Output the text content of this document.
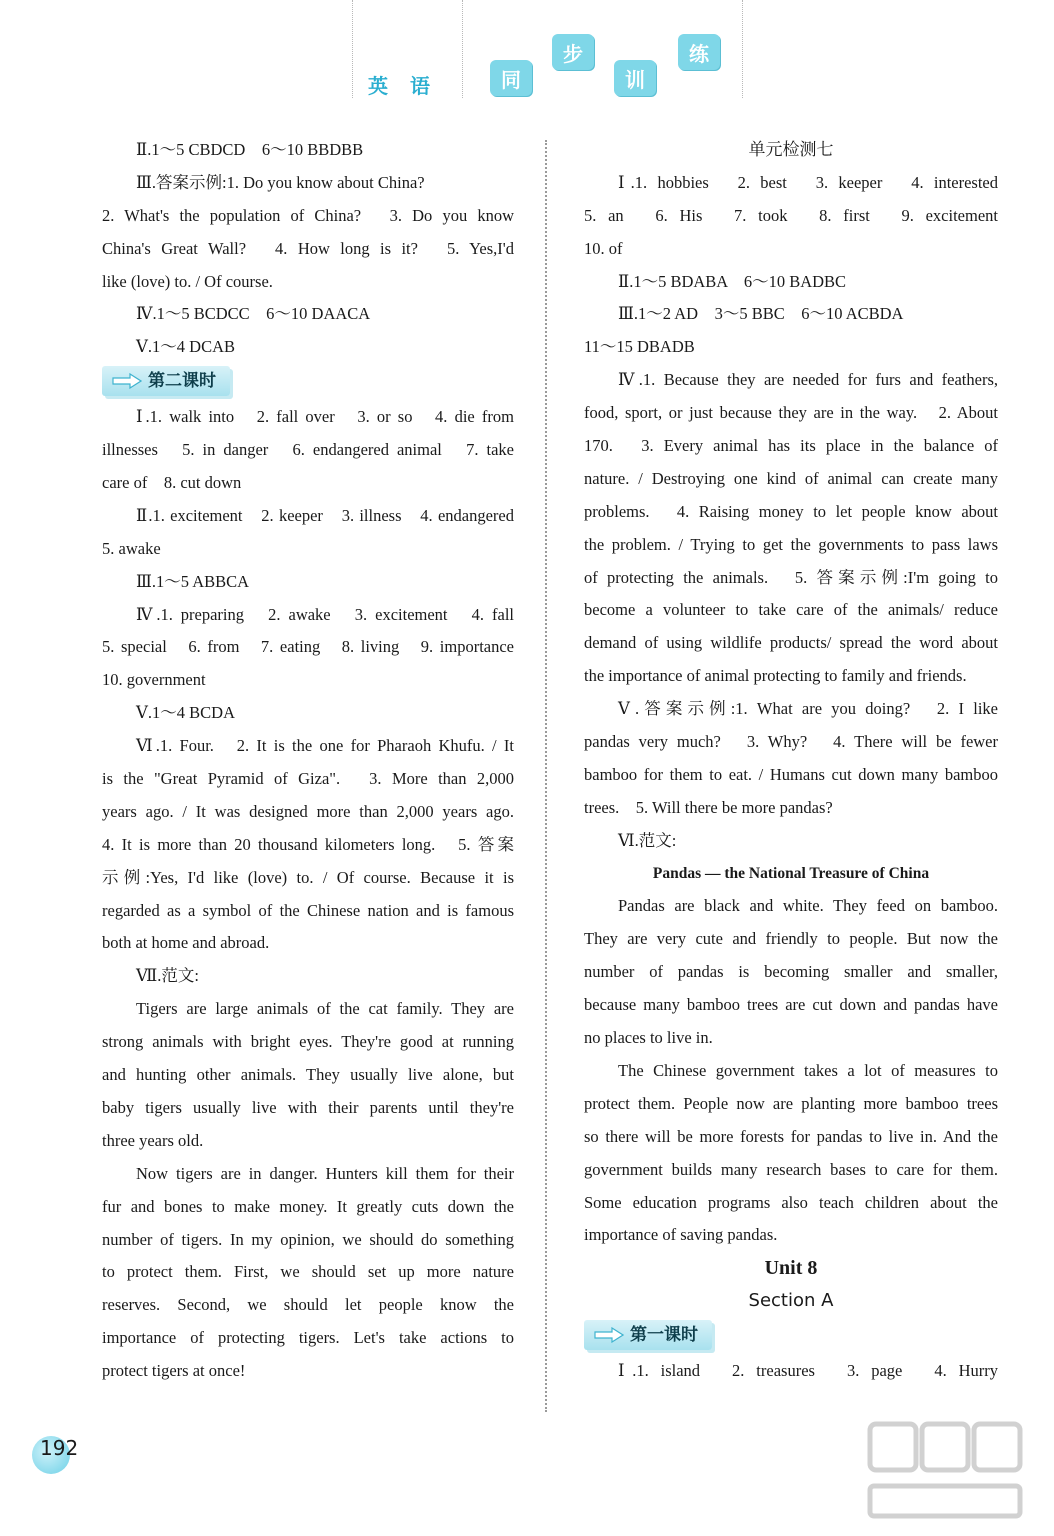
英语	同
步
训
练
Ⅱ.1～5 CBDCD　6～10 BBDBB
Ⅲ.答案示例:1. Do you know about China?
2. What's the population of China?　3. Do you know
China's Great Wall?　4. How long is it?　5. Yes,I'd
like (love) to. / Of course.
Ⅳ.1～5 BCDCC　6～10 DAACA
Ⅴ.1～4 DCAB
第二课时
Ⅰ.1. walk into　2. fall over　3. or so　4. die from
illnesses　5. in danger　6. endangered animal　7. take
care of　8. cut down
Ⅱ.1. excitement　2. keeper　3. illness　4. endangered
5. awake
Ⅲ.1～5 ABBCA
Ⅳ.1. preparing　2. awake　3. excitement　4. fall
5. special　6. from　7. eating　8. living　9. importance
10. government
Ⅴ.1～4 BCDA
Ⅵ.1. Four.　2. It is the one for Pharaoh Khufu. / It
is the "Great Pyramid of Giza".　3. More than 2,000
years ago. / It was designed more than 2,000 years ago.
4. It is more than 20 thousand kilometers long.　5. 答案
示例:Yes, I'd like (love) to. / Of course. Because it is
regarded as a symbol of the Chinese nation and is famous
both at home and abroad.
Ⅶ.范文:
Tigers are large animals of the cat family. They are
strong animals with bright eyes. They're good at running
and hunting other animals. They usually live alone, but
baby tigers usually live with their parents until they're
three years old.
Now tigers are in danger. Hunters kill them for their
fur and bones to make money. It greatly cuts down the
number of tigers. In my opinion, we should do something
to protect them. First, we should set up more nature
reserves. Second, we should let people know the
importance of protecting tigers. Let's take actions to
protect tigers at once!
单元检测七
Ⅰ.1. hobbies　2. best　3. keeper　4. interested
5. an　6. His　7. took　8. first　9. excitement
10. of
Ⅱ.1～5 BDABA　6～10 BADBC
Ⅲ.1～2 AD　3～5 BBC　6～10 ACBDA
11～15 DBADB
Ⅳ.1. Because they are needed for furs and feathers,
food, sport, or just because they are in the way.　2. About
170.　3. Every animal has its place in the balance of
nature. / Destroying one kind of animal can create many
problems.　4. Raising money to let people know about
the problem. / Trying to get the governments to pass laws
of protecting the animals.　5. 答案示例:I'm going to
become a volunteer to take care of the animals/ reduce
demand of using wildlife products/ spread the word about
the importance of animal protecting to family and friends.
Ⅴ.答案示例:1. What are you doing?　2. I like
pandas very much?　3. Why?　4. There will be fewer
bamboo for them to eat. / Humans cut down many bamboo
trees.　5. Will there be more pandas?
Ⅵ.范文:
Pandas — the National Treasure of China
Pandas are black and white. They feed on bamboo.
They are very cute and friendly to people. But now the
number of pandas is becoming smaller and smaller,
because many bamboo trees are cut down and pandas have
no places to live in.
The Chinese government takes a lot of measures to
protect them. People now are planting more bamboo trees
so there will be more forests for pandas to live in. And the
government builds many research bases to care for them.
Some education programs also teach children about the
importance of saving pandas.
Unit 8
Section A
第一课时
Ⅰ.1. island　2. treasures　3. page　4. Hurry
192
